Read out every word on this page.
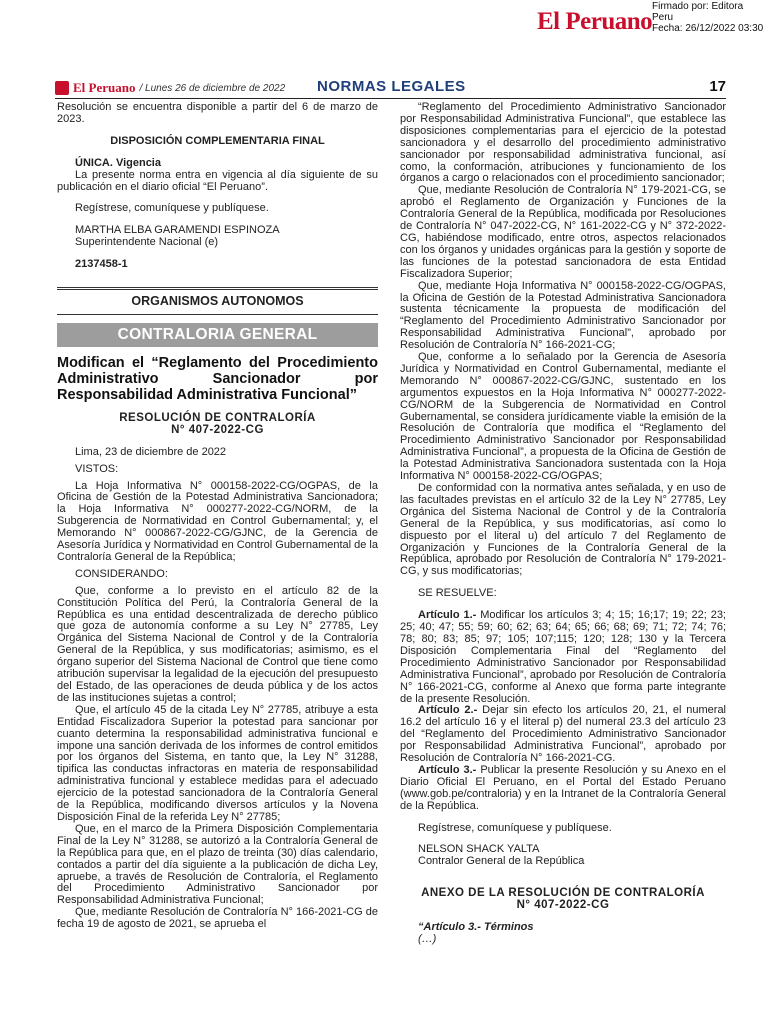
El Peruano
Firmado por: Editora
Peru
Fecha: 26/12/2022 03:30
El Peruano / Lunes 26 de diciembre de 2022 NORMAS LEGALES	17

Resolución se encuentra disponible a partir del 6 de marzo de 2023.

DISPOSICIÓN COMPLEMENTARIA FINAL

ÚNICA. Vigencia

La presente norma entra en vigencia al día siguiente de su publicación en el diario oficial “El Peruano”.

Regístrese, comuníquese y publíquese.

MARTHA ELBA GARAMENDI ESPINOZA

Superintendente Nacional (e)

2137458-1

ORGANISMOS AUTONOMOS
CONTRALORIA GENERAL
Modifican el “Reglamento del Procedimiento Administrativo Sancionador por Responsabilidad Administrativa Funcional”

RESOLUCIÓN DE CONTRALORÍA

N° 407-2022-CG

Lima, 23 de diciembre de 2022

VISTOS:

La Hoja Informativa N° 000158-2022-CG/OGPAS, de la Oficina de Gestión de la Potestad Administrativa Sancionadora; la Hoja Informativa N° 000277-2022-CG/NORM, de la Subgerencia de Normatividad en Control Gubernamental; y, el Memorando N° 000867-2022-CG/GJNC, de la Gerencia de Asesoría Jurídica y Normatividad en Control Gubernamental de la Contraloría General de la República;

CONSIDERANDO:

Que, conforme a lo previsto en el artículo 82 de la Constitución Política del Perú, la Contraloría General de la República es una entidad descentralizada de derecho público que goza de autonomía conforme a su Ley N° 27785, Ley Orgánica del Sistema Nacional de Control y de la Contraloría General de la República, y sus modificatorias; asimismo, es el órgano superior del Sistema Nacional de Control que tiene como atribución supervisar la legalidad de la ejecución del presupuesto del Estado, de las operaciones de deuda pública y de los actos de las instituciones sujetas a control;

Que, el artículo 45 de la citada Ley N° 27785, atribuye a esta Entidad Fiscalizadora Superior la potestad para sancionar por cuanto determina la responsabilidad administrativa funcional e impone una sanción derivada de los informes de control emitidos por los órganos del Sistema, en tanto que, la Ley N° 31288, tipifica las conductas infractoras en materia de responsabilidad administrativa funcional y establece medidas para el adecuado ejercicio de la potestad sancionadora de la Contraloría General de la República, modificando diversos artículos y la Novena Disposición Final de la referida Ley N° 27785;

Que, en el marco de la Primera Disposición Complementaria Final de la Ley N° 31288, se autorizó a la Contraloría General de la República para que, en el plazo de treinta (30) días calendario, contados a partir del día siguiente a la publicación de dicha Ley, apruebe, a través de Resolución de Contraloría, el Reglamento del Procedimiento Administrativo Sancionador por Responsabilidad Administrativa Funcional;

Que, mediante Resolución de Contraloría N° 166-2021-CG de fecha 19 de agosto de 2021, se aprueba el

“Reglamento del Procedimiento Administrativo Sancionador por Responsabilidad Administrativa Funcional”, que establece las disposiciones complementarias para el ejercicio de la potestad sancionadora y el desarrollo del procedimiento administrativo sancionador por responsabilidad administrativa funcional, así como, la conformación, atribuciones y funcionamiento de los órganos a cargo o relacionados con el procedimiento sancionador;

Que, mediante Resolución de Contraloría N° 179-2021-CG, se aprobó el Reglamento de Organización y Funciones de la Contraloría General de la República, modificada por Resoluciones de Contraloría N° 047-2022-CG, N° 161-2022-CG y N° 372-2022-CG, habiéndose modificado, entre otros, aspectos relacionados con los órganos y unidades orgánicas para la gestión y soporte de las funciones de la potestad sancionadora de esta Entidad Fiscalizadora Superior;

Que, mediante Hoja Informativa N° 000158-2022-CG/OGPAS, la Oficina de Gestión de la Potestad Administrativa Sancionadora sustenta técnicamente la propuesta de modificación del “Reglamento del Procedimiento Administrativo Sancionador por Responsabilidad Administrativa Funcional”, aprobado por Resolución de Contraloría N° 166-2021-CG;

Que, conforme a lo señalado por la Gerencia de Asesoría Jurídica y Normatividad en Control Gubernamental, mediante el Memorando N° 000867-2022-CG/GJNC, sustentado en los argumentos expuestos en la Hoja Informativa N° 000277-2022-CG/NORM de la Subgerencia de Normatividad en Control Gubernamental, se considera jurídicamente viable la emisión de la Resolución de Contraloría que modifica el “Reglamento del Procedimiento Administrativo Sancionador por Responsabilidad Administrativa Funcional”, a propuesta de la Oficina de Gestión de la Potestad Administrativa Sancionadora sustentada con la Hoja Informativa N° 000158-2022-CG/OGPAS;

De conformidad con la normativa antes señalada, y en uso de las facultades previstas en el artículo 32 de la Ley N° 27785, Ley Orgánica del Sistema Nacional de Control y de la Contraloría General de la República, y sus modificatorias, así como lo dispuesto por el literal u) del artículo 7 del Reglamento de Organización y Funciones de la Contraloría General de la República, aprobado por Resolución de Contraloría N° 179-2021-CG, y sus modificatorias;

SE RESUELVE:

Artículo 1.- Modificar los artículos 3; 4; 15; 16;17; 19; 22; 23; 25; 40; 47; 55; 59; 60; 62; 63; 64; 65; 66; 68; 69; 71; 72; 74; 76; 78; 80; 83; 85; 97; 105; 107;115; 120; 128; 130 y la Tercera Disposición Complementaria Final del “Reglamento del Procedimiento Administrativo Sancionador por Responsabilidad Administrativa Funcional”, aprobado por Resolución de Contraloría N° 166-2021-CG, conforme al Anexo que forma parte integrante de la presente Resolución.

Artículo 2.- Dejar sin efecto los artículos 20, 21, el numeral 16.2 del artículo 16 y el literal p) del numeral 23.3 del artículo 23 del “Reglamento del Procedimiento Administrativo Sancionador por Responsabilidad Administrativa Funcional”, aprobado por Resolución de Contraloría N° 166-2021-CG.

Artículo 3.- Publicar la presente Resolución y su Anexo en el Diario Oficial El Peruano, en el Portal del Estado Peruano (www.gob.pe/contraloria) y en la Intranet de la Contraloría General de la República.

Regístrese, comuníquese y publíquese.

NELSON SHACK YALTA

Contralor General de la República

ANEXO DE LA RESOLUCIÓN DE CONTRALORÍA

N° 407-2022-CG

“Artículo 3.- Términos

(…)
